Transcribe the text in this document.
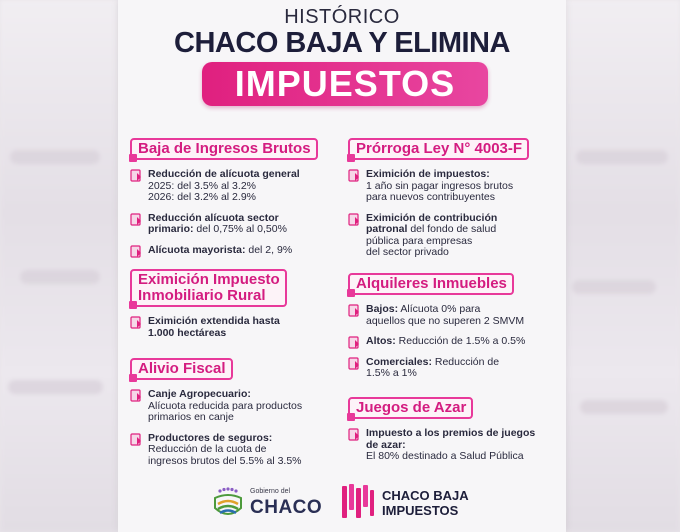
HISTÓRICO
CHACO BAJA Y ELIMINA
IMPUESTOS
Baja de Ingresos Brutos
Reducción de alícuota general
2025: del 3.5% al 3.2%
2026: del 3.2% al 2.9%
Reducción alícuota sector
primario: del 0,75% al 0,50%
Alícuota mayorista: del 2, 9%
Eximición Impuesto
Inmobiliario Rural
Eximición extendida hasta
1.000 hectáreas
Alivio Fiscal
Canje Agropecuario:
Alícuota reducida para productos
primarios en canje
Productores de seguros:
Reducción de la cuota de
ingresos brutos del 5.5% al 3.5%
Prórroga Ley N° 4003-F
Eximición de impuestos:
1 año sin pagar ingresos brutos
para nuevos contribuyentes
Eximición de contribución
patronal del fondo de salud
pública para empresas
del sector privado
Alquileres Inmuebles
Bajos: Alícuota 0% para
aquellos que no superen 2 SMVM
Altos: Reducción de 1.5% a 0.5%
Comerciales: Reducción de
1.5% a 1%
Juegos de Azar
Impuesto a los premios de juegos
de azar:
El 80% destinado a Salud Pública
Gobierno del
CHACO
CHACO BAJA
IMPUESTOS
